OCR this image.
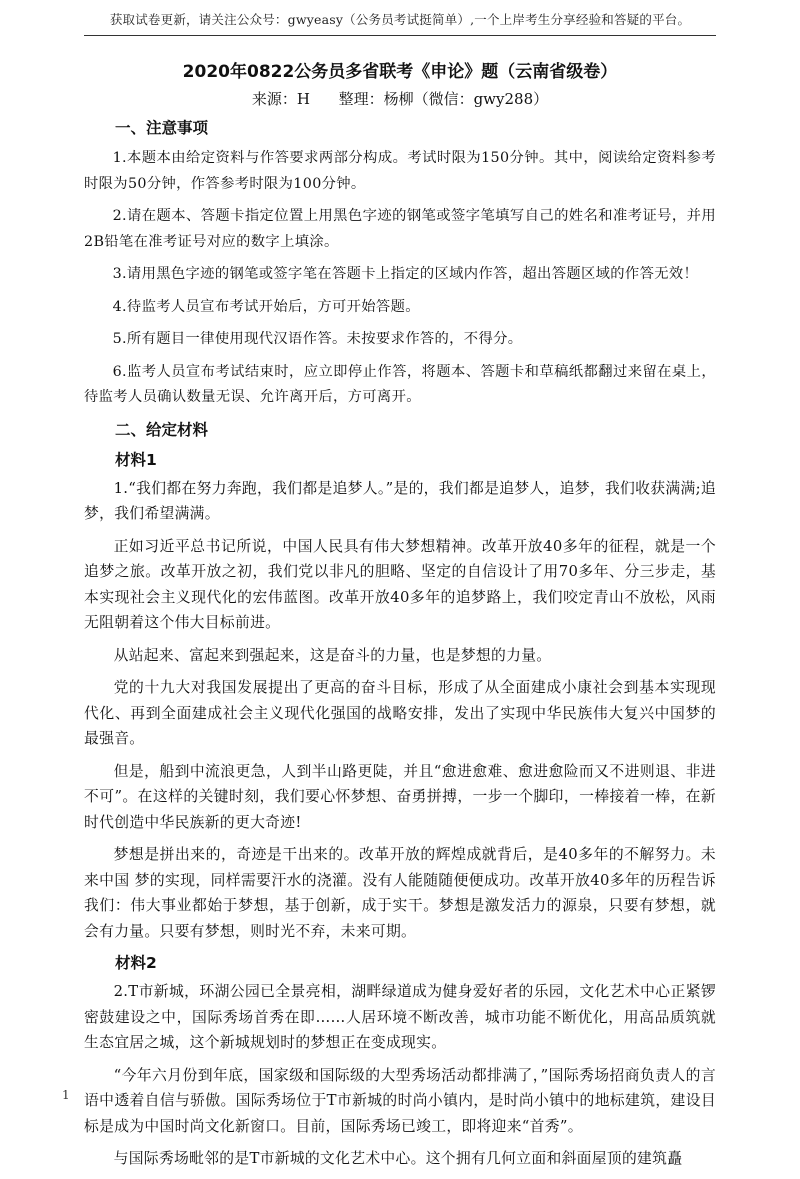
获取试卷更新，请关注公众号：gwyeasy（公务员考试挺简单）,一个上岸考生分享经验和答疑的平台。
2020年0822公务员多省联考《申论》题（云南省级卷）

来源：H      整理：杨柳（微信：gwy288）

一、注意事项

1.本题本由给定资料与作答要求两部分构成。考试时限为150分钟。其中，阅读给定资料参考时限为50分钟，作答参考时限为100分钟。

2.请在题本、答题卡指定位置上用黑色字迹的钢笔或签字笔填写自己的姓名和准考证号，并用2B铅笔在准考证号对应的数字上填涂。

3.请用黑色字迹的钢笔或签字笔在答题卡上指定的区域内作答，超出答题区域的作答无效！

4.待监考人员宣布考试开始后，方可开始答题。

5.所有题目一律使用现代汉语作答。未按要求作答的，不得分。

6.监考人员宣布考试结束时，应立即停止作答，将题本、答题卡和草稿纸都翻过来留在桌上，待监考人员确认数量无误、允许离开后，方可离开。

二、给定材料
材料1

1.“我们都在努力奔跑，我们都是追梦人。”是的，我们都是追梦人，追梦，我们收获满满;追梦，我们希望满满。

正如习近平总书记所说，中国人民具有伟大梦想精神。改革开放40多年的征程，就是一个追梦之旅。改革开放之初，我们党以非凡的胆略、坚定的自信设计了用70多年、分三步走，基本实现社会主义现代化的宏伟蓝图。改革开放40多年的追梦路上，我们咬定青山不放松，风雨无阻朝着这个伟大目标前进。

从站起来、富起来到强起来，这是奋斗的力量，也是梦想的力量。

党的十九大对我国发展提出了更高的奋斗目标，形成了从全面建成小康社会到基本实现现代化、再到全面建成社会主义现代化强国的战略安排，发出了实现中华民族伟大复兴中国梦的最强音。

但是，船到中流浪更急，人到半山路更陡，并且“愈进愈难、愈进愈险而又不进则退、非进不可”。在这样的关键时刻，我们要心怀梦想、奋勇拼搏，一步一个脚印，一棒接着一棒，在新时代创造中华民族新的更大奇迹!

梦想是拼出来的，奇迹是干出来的。改革开放的辉煌成就背后，是40多年的不解努力。未来中国 梦的实现，同样需要汗水的浇灌。没有人能随随便便成功。改革开放40多年的历程告诉我们：伟大事业都始于梦想，基于创新，成于实干。梦想是激发活力的源泉，只要有梦想，就会有力量。只要有梦想，则时光不弃，未来可期。

材料2

2.T市新城，环湖公园已全景亮相，湖畔绿道成为健身爱好者的乐园，文化艺术中心正紧锣密鼓建设之中，国际秀场首秀在即……人居环境不断改善，城市功能不断优化，用高品质筑就生态宜居之城，这个新城规划时的梦想正在变成现实。

“今年六月份到年底，国家级和国际级的大型秀场活动都排满了，”国际秀场招商负责人的言语中透着自信与骄傲。国际秀场位于T市新城的时尚小镇内，是时尚小镇中的地标建筑，建设目标是成为中国时尚文化新窗口。目前，国际秀场已竣工，即将迎来“首秀”。

与国际秀场毗邻的是T市新城的文化艺术中心。这个拥有几何立面和斜面屋顶的建筑矗

1
